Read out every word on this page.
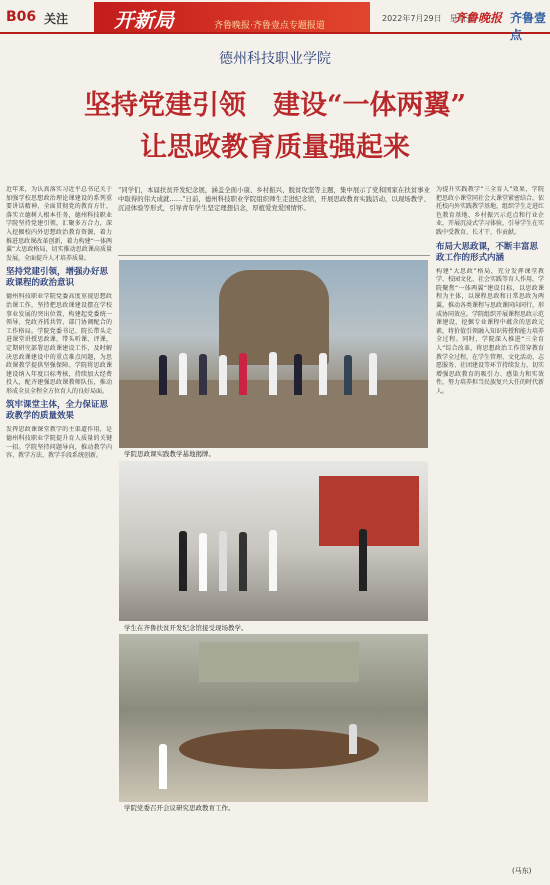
B06 关注 开新局	齐鲁晚报·齐鲁壹点专题报道
2022年7月29日　星期五
齐鲁晚报 齐鲁壹点
德州科技职业学院
坚持党建引领　建设“一体两翼”
让思政教育质量强起来
“同学们，本届扶贫开发纪念展，涵盖全面小康、乡村振兴、脱贫攻坚等主题，集中展示了党和国家在扶贫事业中取得的伟大成就……”日前，德州科技职业学院组织师生走进纪念馆，开展思政教育实践活动，以现场教学、沉浸体验等形式，引导青年学生坚定理想信念，厚植爱党爱国情怀。

近年来，为认真落实习近平总书记关于加强学校思想政治理论课建设的系列重要讲话精神，全面贯彻党的教育方针，落实立德树人根本任务，德州科技职业学院坚持党建引领，汇聚多方合力，深入挖掘校内外思想政治教育资源，着力推进思政课改革创新，着力构建“一体两翼”大思政格局，切实推动思政课高质量发展，全面提升人才培养质量。

坚持党建引领，增强办好思政课程的政治意识

德州科技职业学院党委高度重视思想政治课工作，坚持把思政课建设摆在学校事业发展的突出位置，构建起党委统一领导、党政齐抓共管、部门协调配合的工作格局。学院党委书记、院长带头走进课堂讲授思政课，带头听课、评课，定期研究部署思政课建设工作，及时解决思政课建设中的重点难点问题，为思政课教学提供坚强保障。学院将思政课建设纳入年度目标考核，持续加大经费投入，配齐建强思政课教师队伍，推动形成全员全程全方位育人的良好局面。

筑牢课堂主体，全力保证思政教学的质量效果

发挥思政课课堂教学的主渠道作用，是德州科技职业学院提升育人质量的关键一招。学院坚持问题导向，推动教学内容、教学方法、教学手段系统创新。	学院思政课实践教学基地揭牌。
学生在齐鲁扶贫开发纪念馆接受现场教学。
学院党委召开会议研究思政教育工作。

为提升实践教学“三全育人”效果，学院把思政小课堂同社会大课堂紧密结合，依托校内外实践教学基地，组织学生走进红色教育基地、乡村振兴示范点和行业企业，开展沉浸式学习体验，引导学生在实践中受教育、长才干、作贡献。

布局大思政课，不断丰富思政工作的形式内涵

构建“大思政”格局，充分发挥课堂教学、校园文化、社会实践等育人作用，学院聚焦“一体两翼”建设目标，以思政课程为主体，以课程思政和日常思政为两翼，推动各类课程与思政课同向同行，形成协同效应。学院组织开展课程思政示范课建设，挖掘专业课程中蕴含的思政元素，将价值引领融入知识传授和能力培养全过程。同时，学院深入推进“三全育人”综合改革，将思想政治工作贯穿教育教学全过程，在学生管理、文化活动、志愿服务、社团建设等环节持续发力，切实增强思政教育的吸引力、感染力和实效性，努力培养担当民族复兴大任的时代新人。

(马东)
